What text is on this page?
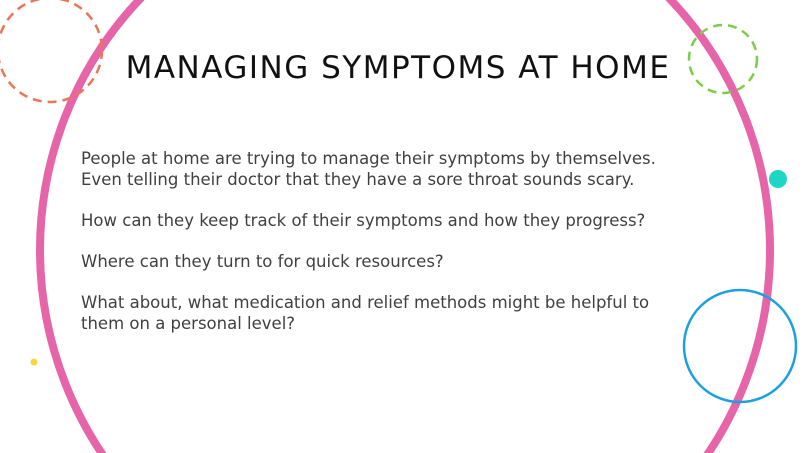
MANAGING SYMPTOMS AT HOME

People at home are trying to manage their symptoms by themselves. Even telling their doctor that they have a sore throat sounds scary.

How can they keep track of their symptoms and how they progress?

Where can they turn to for quick resources?

What about, what medication and relief methods might be helpful to them on a personal level?
